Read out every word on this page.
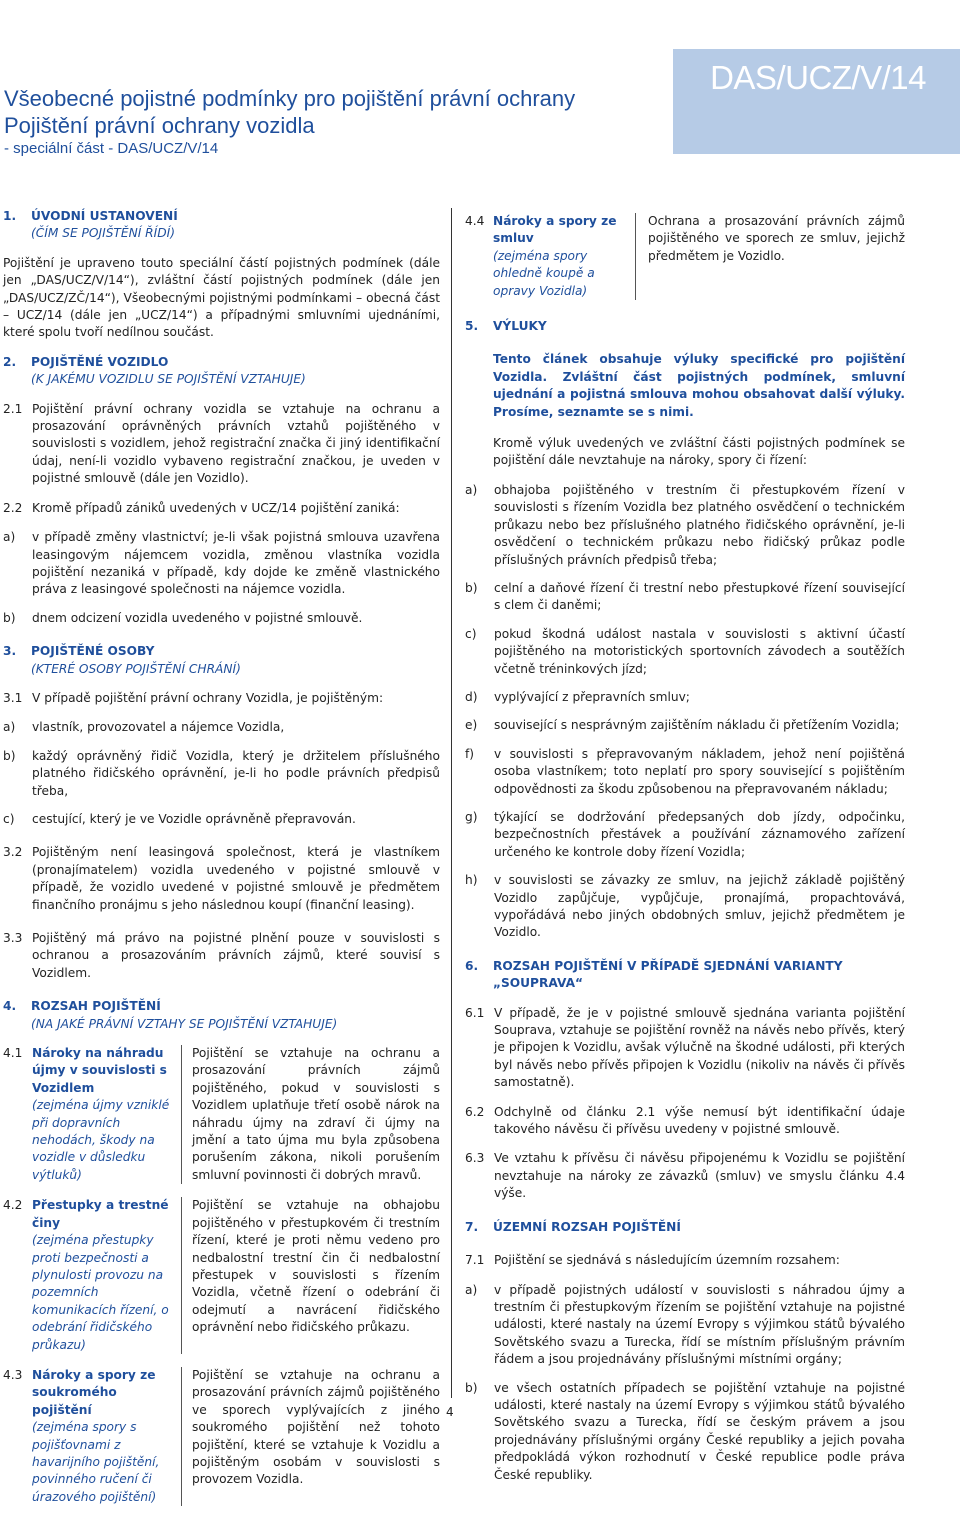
Všeobecné pojistné podmínky pro pojištění právní ochrany
Pojištění právní ochrany vozidla
- speciální část - DAS/UCZ/V/14
DAS/UCZ/V/14
1.	ÚVODNÍ USTANOVENÍ
(ČÍM SE POJIŠTĚNÍ ŘÍDÍ)

Pojištění je upraveno touto speciální částí pojistných podmínek (dále jen „DAS/UCZ/V/14“), zvláštní částí pojistných podmínek (dále jen „DAS/UCZ/ZČ/14“), Všeobecnými pojistnými podmínkami – obecná část – UCZ/14 (dále jen „UCZ/14“) a případnými smluvními ujednáními, které spolu tvoří nedílnou součást.

2.	POJIŠTĚNÉ VOZIDLO
(K JAKÉMU VOZIDLU SE POJIŠTĚNÍ VZTAHUJE)
2.1 Pojištění právní ochrany vozidla se vztahuje na ochranu a prosazování oprávněných právních vztahů pojištěného v souvislosti s vozidlem, jehož registrační značka či jiný identifikační údaj, není-li vozidlo vybaveno registrační značkou, je uveden v pojistné smlouvě (dále jen Vozidlo).
2.2 Kromě případů zániků uvedených v UCZ/14 pojištění zaniká:
a)	v případě změny vlastnictví; je-li však pojistná smlouva uzavřena leasingovým nájemcem vozidla, změnou vlastníka vozidla pojištění nezaniká v případě, kdy dojde ke změně vlastnického práva z leasingové společnosti na nájemce vozidla.
b)	dnem odcizení vozidla uvedeného v pojistné smlouvě.
3.	POJIŠTĚNÉ OSOBY
(KTERÉ OSOBY POJIŠTĚNÍ CHRÁNÍ)
3.1 V případě pojištění právní ochrany Vozidla, je pojištěným:
a)	vlastník, provozovatel a nájemce Vozidla,
b)	každý oprávněný řidič Vozidla, který je držitelem příslušného platného řidičského oprávnění, je-li ho podle právních předpisů třeba,
c)	cestující, který je ve Vozidle oprávněně přepravován.
3.2 Pojištěným není leasingová společnost, která je vlastníkem (pronajímatelem) vozidla uvedeného v pojistné smlouvě v případě, že vozidlo uvedené v pojistné smlouvě je předmětem finančního pronájmu s jeho následnou koupí (finanční leasing).
3.3 Pojištěný má právo na pojistné plnění pouze v souvislosti s ochranou a prosazováním právních zájmů, které souvisí s Vozidlem.
4.	ROZSAH POJIŠTĚNÍ
(NA JAKÉ PRÁVNÍ VZTAHY SE POJIŠTĚNÍ VZTAHUJE)
4.1 Nároky na náhradu újmy v souvislosti s Vozidlem
(zejména újmy vzniklé při dopravních nehodách, škody na vozidle v důsledku výtluků)
Pojištění se vztahuje na ochranu a prosazování právních zájmů pojištěného, pokud v souvislosti s Vozidlem uplatňuje třetí osobě nárok na náhradu újmy na zdraví či újmy na jmění a tato újma mu byla způsobena porušením zákona, nikoli porušením smluvní povinnosti či dobrých mravů.
4.2 Přestupky a trestné činy
(zejména přestupky proti bezpečnosti a plynulosti provozu na pozemních komunikacích řízení, o odebrání řidičského průkazu)
Pojištění se vztahuje na obhajobu pojištěného v přestupkovém či trestním řízení, které je proti němu vedeno pro nedbalostní trestní čin či nedbalostní přestupek v souvislosti s řízením Vozidla, včetně řízení o odebrání či odejmutí a navrácení řidičského oprávnění nebo řidičského průkazu.
4.3 Nároky a spory ze soukromého pojištění
(zejména spory s pojišťovnami z havarijního pojištění, povinného ručení či úrazového pojištění)
Pojištění se vztahuje na ochranu a prosazování právních zájmů pojištěného ve sporech vyplývajících z jiného soukromého pojištění než tohoto pojištění, které se vztahuje k Vozidlu a pojištěným osobám v souvislosti s provozem Vozidla.
4.4 Nároky a spory ze smluv
(zejména spory ohledně koupě a opravy Vozidla)
Ochrana a prosazování právních zájmů pojištěného ve sporech ze smluv, jejichž předmětem je Vozidlo.
5.	VÝLUKY
Tento článek obsahuje výluky specifické pro pojištění Vozidla. Zvláštní část pojistných podmínek, smluvní ujednání a pojistná smlouva mohou obsahovat další výluky. Prosíme, seznamte se s nimi.

Kromě výluk uvedených ve zvláštní části pojistných podmínek se pojištění dále nevztahuje na nároky, spory či řízení:

a)	obhajoba pojištěného v trestním či přestupkovém řízení v souvislosti s řízením Vozidla bez platného osvědčení o technickém průkazu nebo bez příslušného platného řidičského oprávnění, je-li osvědčení o technickém průkazu nebo řidičský průkaz podle příslušných právních předpisů třeba;
b)	celní a daňové řízení či trestní nebo přestupkové řízení související s clem či daněmi;
c)	pokud škodná událost nastala v souvislosti s aktivní účastí pojištěného na motoristických sportovních závodech a soutěžích včetně tréninkových jízd;
d)	vyplývající z přepravních smluv;
e)	související s nesprávným zajištěním nákladu či přetížením Vozidla;
f)	v souvislosti s přepravovaným nákladem, jehož není pojištěná osoba vlastníkem; toto neplatí pro spory související s pojištěním odpovědnosti za škodu způsobenou na přepravovaném nákladu;
g)	týkající se dodržování předepsaných dob jízdy, odpočinku, bezpečnostních přestávek a používání záznamového zařízení určeného ke kontrole doby řízení Vozidla;
h)	v souvislosti se závazky ze smluv, na jejichž základě pojištěný Vozidlo zapůjčuje, vypůjčuje, pronajímá, propachtovává, vypořádává nebo jiných obdobných smluv, jejichž předmětem je Vozidlo.
6.	ROZSAH POJIŠTĚNÍ V PŘÍPADĚ SJEDNÁNÍ VARIANTY „SOUPRAVA“
6.1 V případě, že je v pojistné smlouvě sjednána varianta pojištění Souprava, vztahuje se pojištění rovněž na návěs nebo přívěs, který je připojen k Vozidlu, avšak výlučně na škodné události, při kterých byl návěs nebo přívěs připojen k Vozidlu (nikoliv na návěs či přívěs samostatně).
6.2 Odchylně od článku 2.1 výše nemusí být identifikační údaje takového návěsu či přívěsu uvedeny v pojistné smlouvě.
6.3 Ve vztahu k přívěsu či návěsu připojenému k Vozidlu se pojištění nevztahuje na nároky ze závazků (smluv) ve smyslu článku 4.4 výše.
7.	ÚZEMNÍ ROZSAH POJIŠTĚNÍ
7.1 Pojištění se sjednává s následujícím územním rozsahem:
a)	v případě pojistných událostí v souvislosti s náhradou újmy a trestním či přestupkovým řízením se pojištění vztahuje na pojistné události, které nastaly na území Evropy s výjimkou států bývalého Sovětského svazu a Turecka, řídí se místním příslušným právním řádem a jsou projednávány příslušnými místními orgány;
b)	ve všech ostatních případech se pojištění vztahuje na pojistné události, které nastaly na území Evropy s výjimkou států bývalého Sovětského svazu a Turecka, řídí se českým právem a jsou projednávány příslušnými orgány České republiky a jejich povaha předpokládá výkon rozhodnutí v České republice podle práva České republiky.
4
